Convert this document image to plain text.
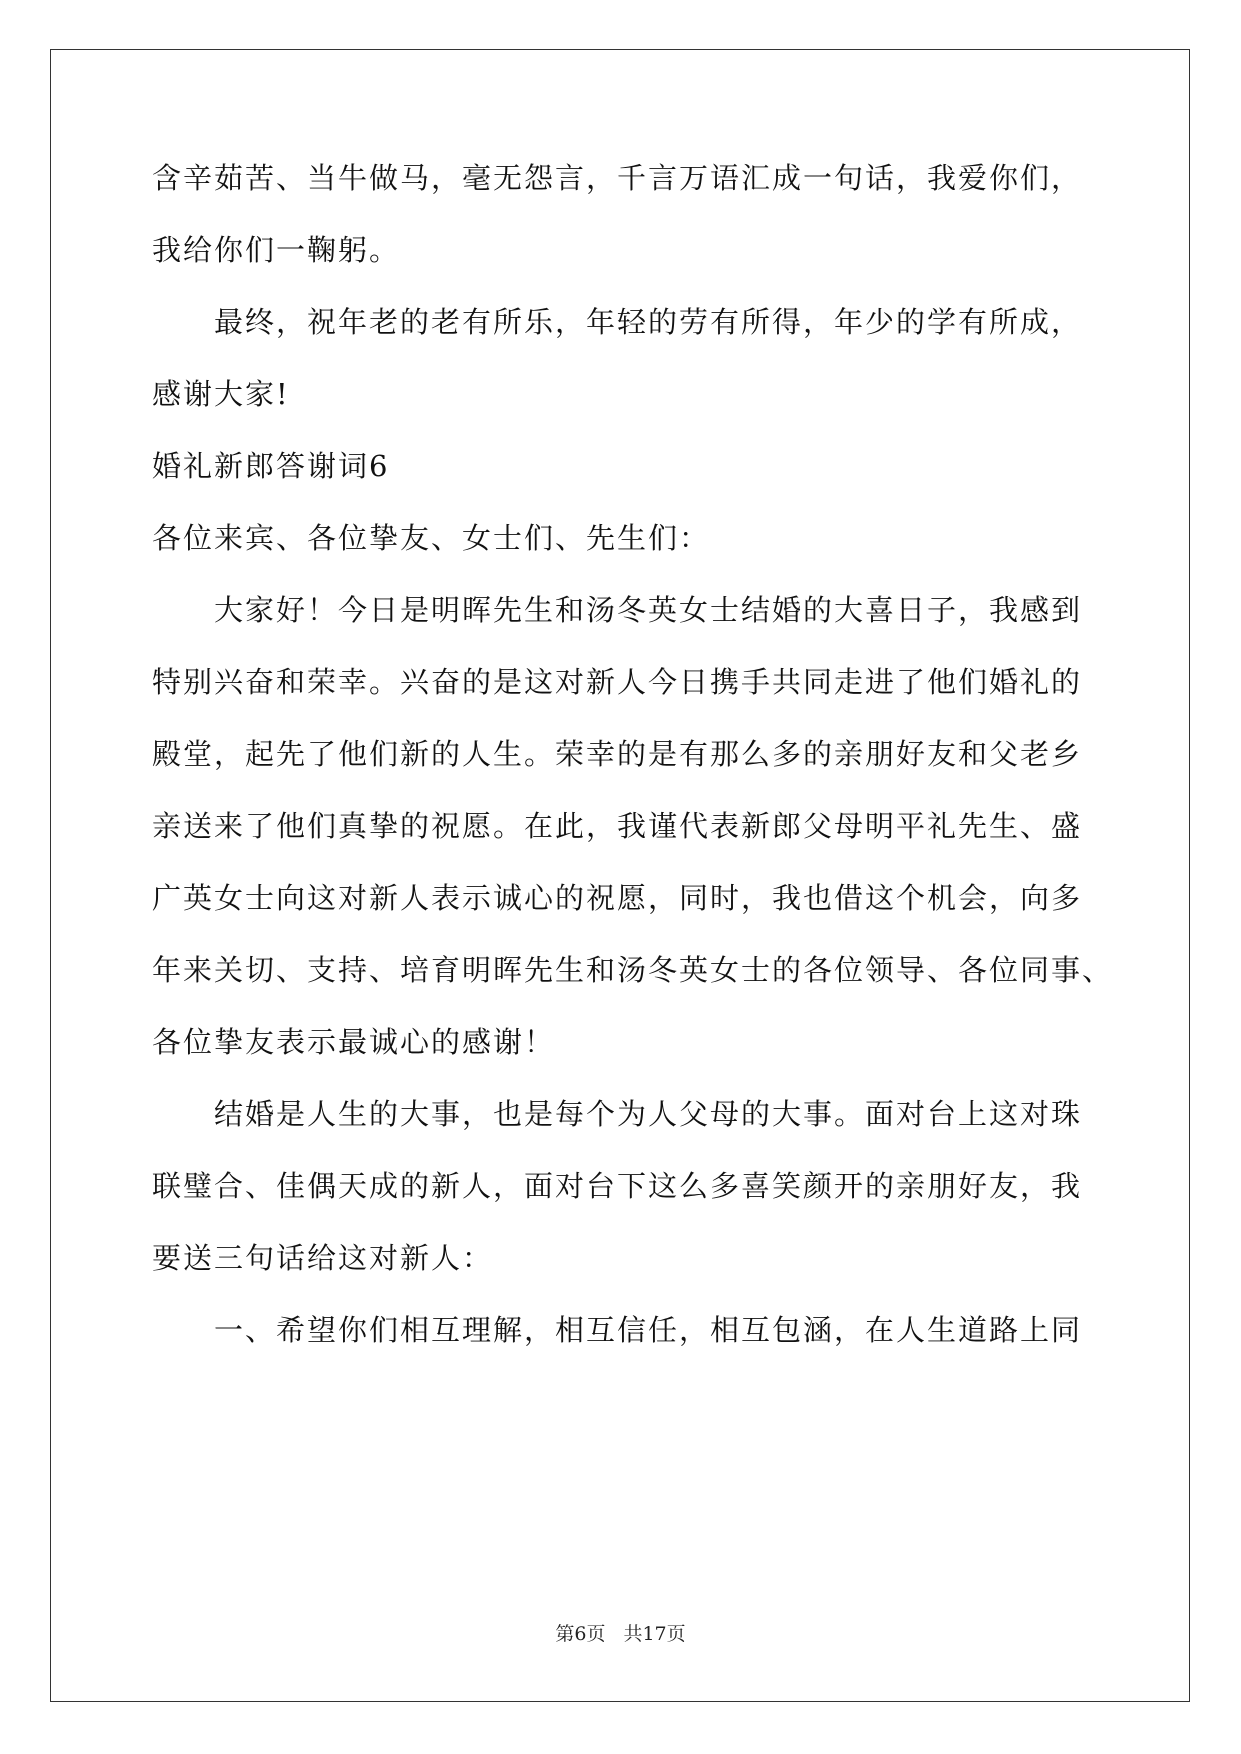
含辛茹苦、当牛做马，毫无怨言，千言万语汇成一句话，我爱你们，
我给你们一鞠躬。
最终，祝年老的老有所乐，年轻的劳有所得，年少的学有所成，
感谢大家!
婚礼新郎答谢词6
各位来宾、各位挚友、女士们、先生们：
大家好！今日是明晖先生和汤冬英女士结婚的大喜日子，我感到
特别兴奋和荣幸。兴奋的是这对新人今日携手共同走进了他们婚礼的
殿堂，起先了他们新的人生。荣幸的是有那么多的亲朋好友和父老乡
亲送来了他们真挚的祝愿。在此，我谨代表新郎父母明平礼先生、盛
广英女士向这对新人表示诚心的祝愿，同时，我也借这个机会，向多
年来关切、支持、培育明晖先生和汤冬英女士的各位领导、各位同事、
各位挚友表示最诚心的感谢！
结婚是人生的大事，也是每个为人父母的大事。面对台上这对珠
联璧合、佳偶天成的新人，面对台下这么多喜笑颜开的亲朋好友，我
要送三句话给这对新人：
一、希望你们相互理解，相互信任，相互包涵，在人生道路上同
第6页 共17页
